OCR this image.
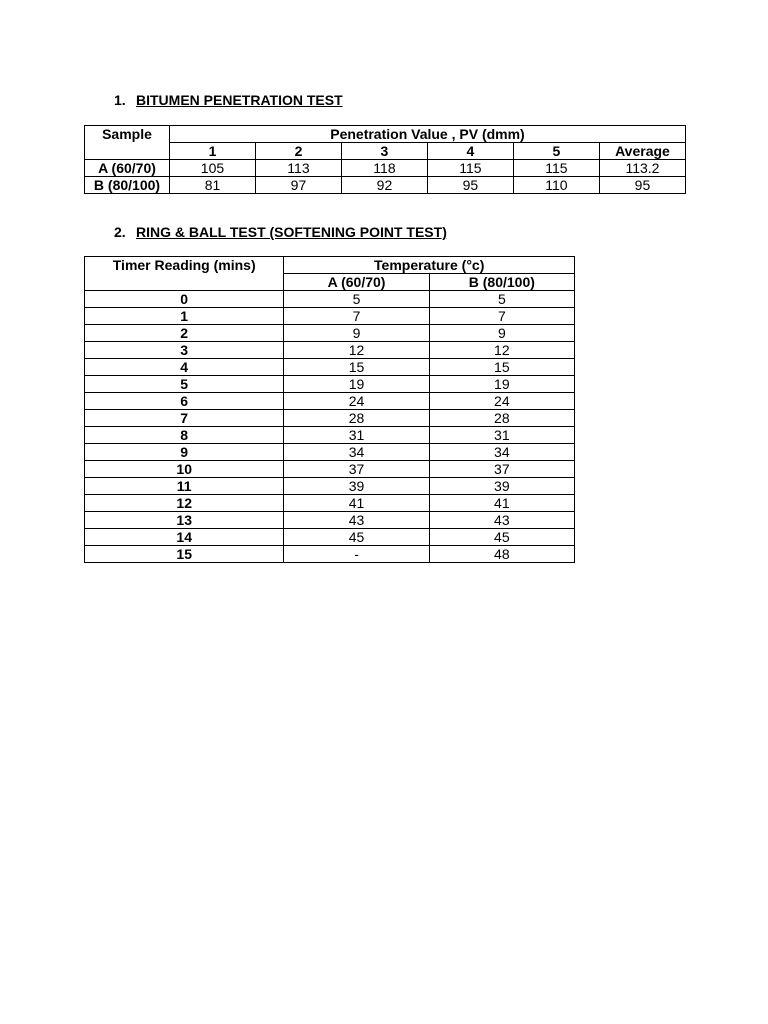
1. BITUMEN PENETRATION TEST
Sample	Penetration Value , PV (dmm)					
	1	2	3	4	5	Average
A (60/70)	105	113	118	115	115	113.2
B (80/100)	81	97	92	95	110	95
2. RING & BALL TEST (SOFTENING POINT TEST)
Timer Reading (mins)	Temperature (°c)	
	A (60/70)	B (80/100)
0	5	5
1	7	7
2	9	9
3	12	12
4	15	15
5	19	19
6	24	24
7	28	28
8	31	31
9	34	34
10	37	37
11	39	39
12	41	41
13	43	43
14	45	45
15	-	48
